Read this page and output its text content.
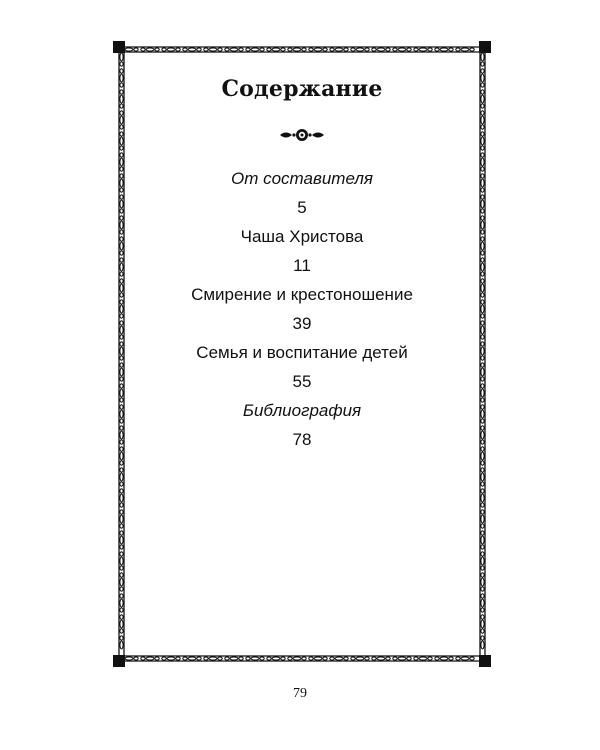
Содержание
От составителя
5
Чаша Христова
11
Смирение и крестоношение
39
Семья и воспитание детей
55
Библиография
78
79
